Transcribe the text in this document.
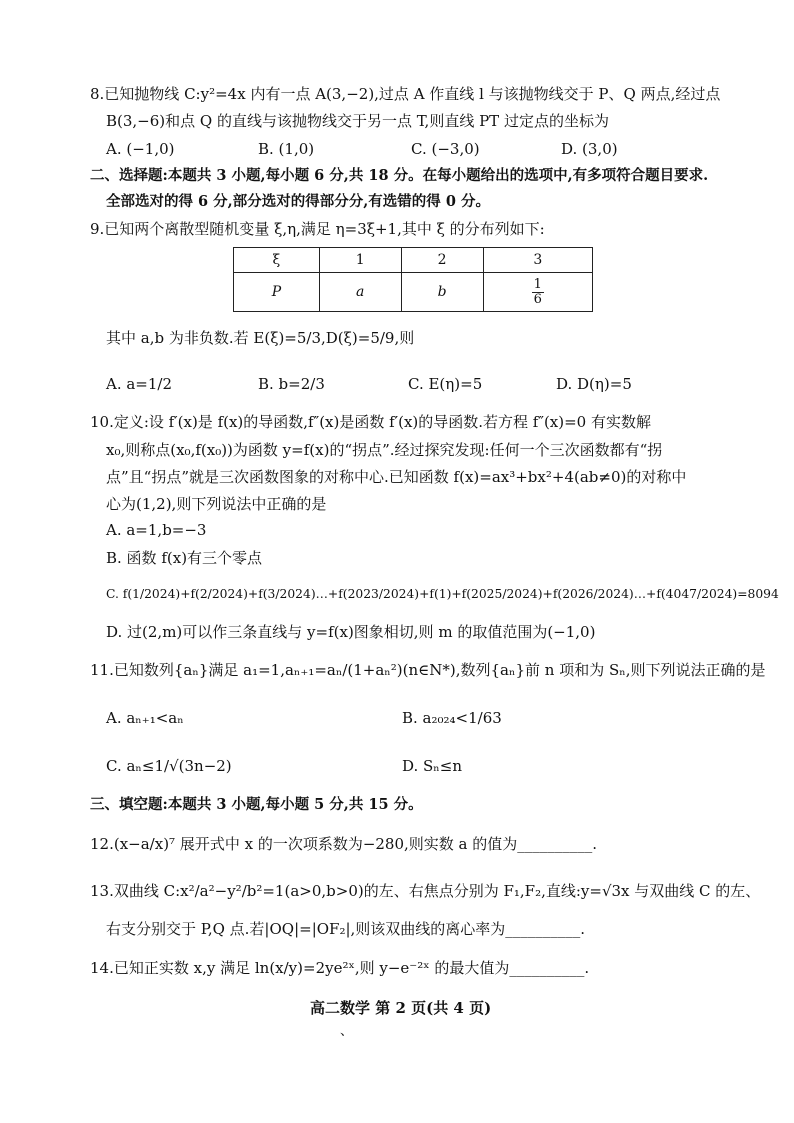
8.已知抛物线 C:y²=4x 内有一点 A(3,−2),过点 A 作直线 l 与该抛物线交于 P、Q 两点,经过点
B(3,−6)和点 Q 的直线与该抛物线交于另一点 T,则直线 PT 过定点的坐标为
A. (−1,0)	B. (1,0)	C. (−3,0)	D. (3,0)
二、选择题:本题共 3 小题,每小题 6 分,共 18 分。在每小题给出的选项中,有多项符合题目要求.
全部选对的得 6 分,部分选对的得部分分,有选错的得 0 分。
9.已知两个离散型随机变量 ξ,η,满足 η=3ξ+1,其中 ξ 的分布列如下:
ξ	1	2	3
P	a	b	$\frac{1}{6}$
其中 a,b 为非负数.若 E(ξ)=5/3,D(ξ)=5/9,则
A. a=1/2	B. b=2/3	C. E(η)=5	D. D(η)=5
10.定义:设 f′(x)是 f(x)的导函数,f″(x)是函数 f′(x)的导函数.若方程 f″(x)=0 有实数解
x₀,则称点(x₀,f(x₀))为函数 y=f(x)的“拐点”.经过探究发现:任何一个三次函数都有“拐
点”且“拐点”就是三次函数图象的对称中心.已知函数 f(x)=ax³+bx²+4(ab≠0)的对称中
心为(1,2),则下列说法中正确的是
A. a=1,b=−3
B. 函数 f(x)有三个零点
C. f(1/2024)+f(2/2024)+f(3/2024)…+f(2023/2024)+f(1)+f(2025/2024)+f(2026/2024)…+f(4047/2024)=8094
D. 过(2,m)可以作三条直线与 y=f(x)图象相切,则 m 的取值范围为(−1,0)
11.已知数列{aₙ}满足 a₁=1,aₙ₊₁=aₙ/(1+aₙ²)(n∈N*),数列{aₙ}前 n 项和为 Sₙ,则下列说法正确的是
A. aₙ₊₁<aₙ	B. a₂₀₂₄<1/63
C. aₙ≤1/√(3n−2)	D. Sₙ≤n
三、填空题:本题共 3 小题,每小题 5 分,共 15 分。
12.(x−a/x)⁷ 展开式中 x 的一次项系数为−280,则实数 a 的值为__________.
13.双曲线 C:x²/a²−y²/b²=1(a>0,b>0)的左、右焦点分别为 F₁,F₂,直线:y=√3x 与双曲线 C 的左、
右支分别交于 P,Q 点.若|OQ|=|OF₂|,则该双曲线的离心率为__________.
14.已知正实数 x,y 满足 ln(x/y)=2ye²ˣ,则 y−e⁻²ˣ 的最大值为__________.
高二数学 第 2 页(共 4 页)
、
